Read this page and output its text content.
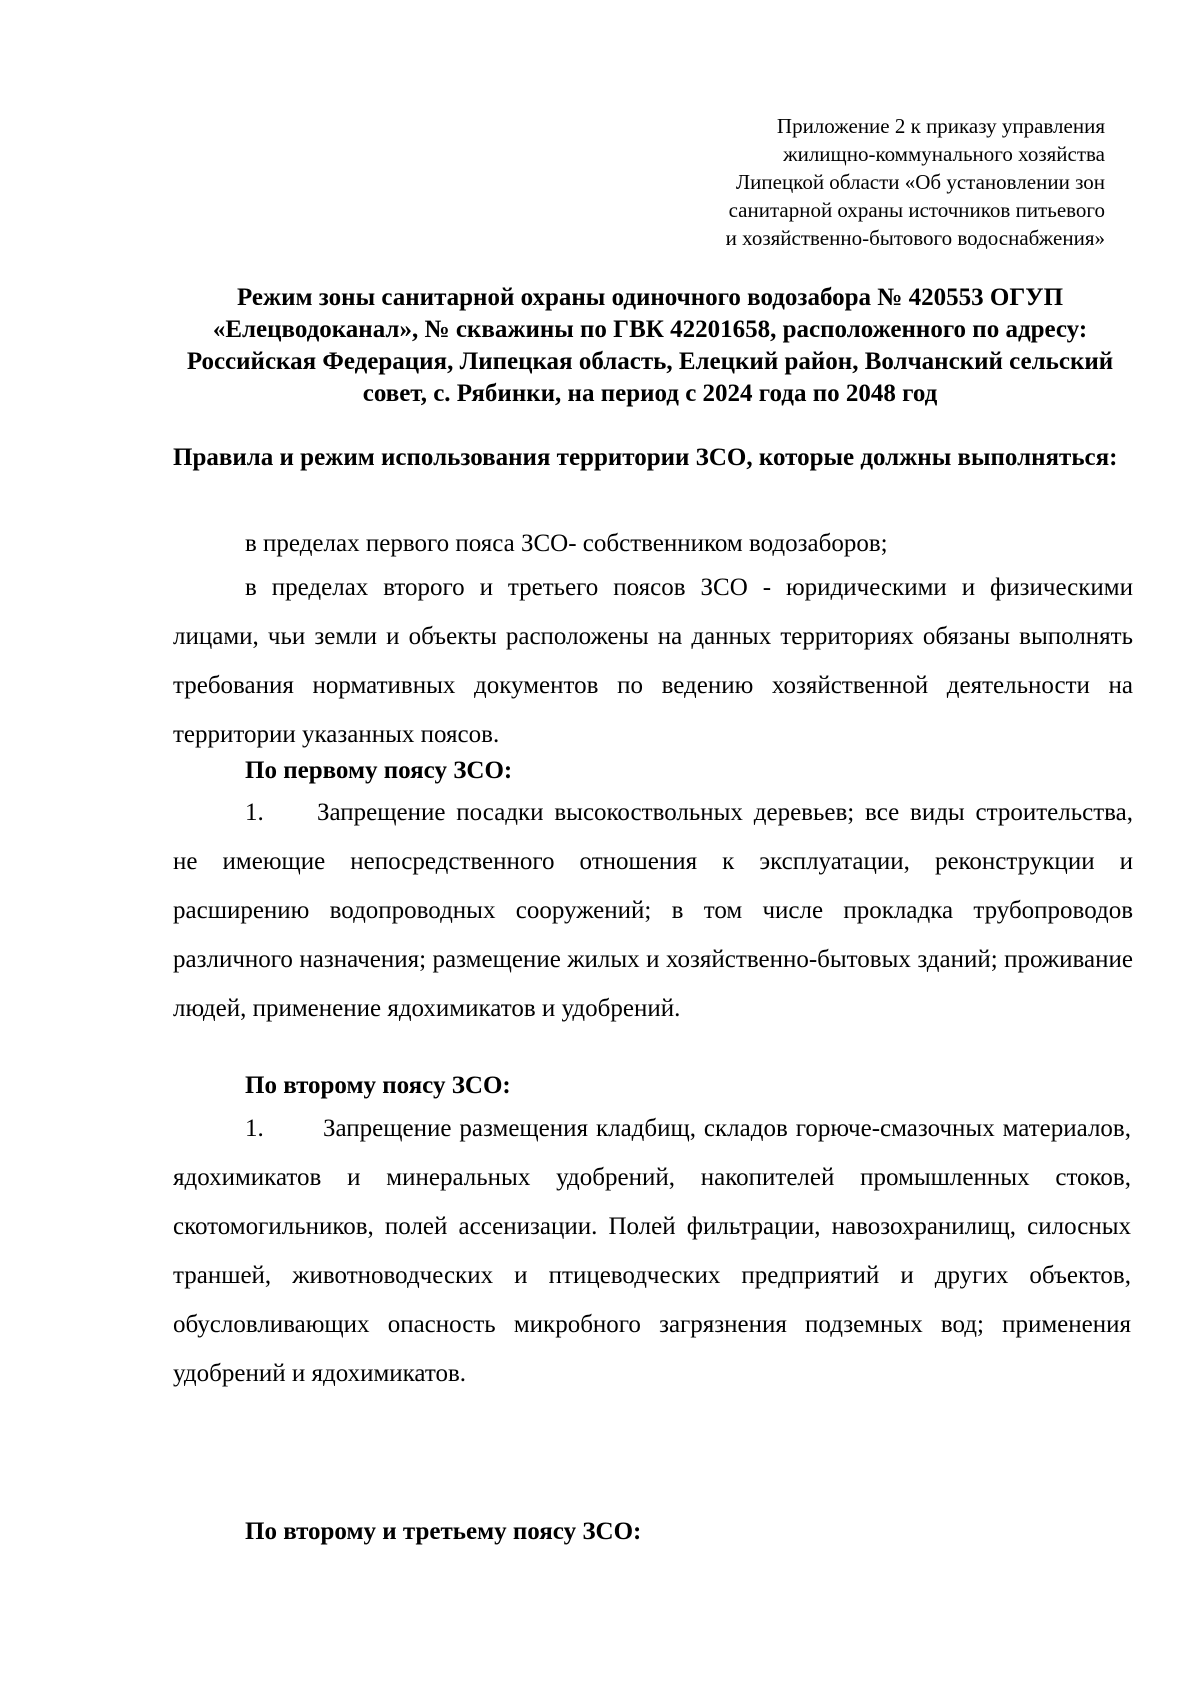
Приложение 2 к приказу управления
жилищно-коммунального хозяйства
Липецкой области «Об установлении зон
санитарной охраны источников питьевого
и хозяйственно-бытового водоснабжения»
Режим зоны санитарной охраны одиночного водозабора № 420553 ОГУП «Елецводоканал», № скважины по ГВК 42201658, расположенного по адресу: Российская Федерация, Липецкая область, Елецкий район, Волчанский сельский совет, с. Рябинки, на период с 2024 года по 2048 год
Правила и режим использования территории ЗСО, которые должны выполняться:
в пределах первого пояса ЗСО- собственником водозаборов;
в пределах второго и третьего поясов ЗСО - юридическими и физическими лицами, чьи земли и объекты расположены на данных территориях обязаны выполнять требования нормативных документов по ведению хозяйственной деятельности на территории указанных поясов.
По первому поясу ЗСО:
1. Запрещение посадки высокоствольных деревьев; все виды строительства, не имеющие непосредственного отношения к эксплуатации, реконструкции и расширению водопроводных сооружений; в том числе прокладка трубопроводов различного назначения; размещение жилых и хозяйственно-бытовых зданий; проживание людей, применение ядохимикатов и удобрений.
По второму поясу ЗСО:
1. Запрещение размещения кладбищ, складов горюче-смазочных материалов, ядохимикатов и минеральных удобрений, накопителей промышленных стоков, скотомогильников, полей ассенизации. Полей фильтрации, навозохранилищ, силосных траншей, животноводческих и птицеводческих предприятий и других объектов, обусловливающих опасность микробного загрязнения подземных вод; применения удобрений и ядохимикатов.
По второму и третьему поясу ЗСО:
